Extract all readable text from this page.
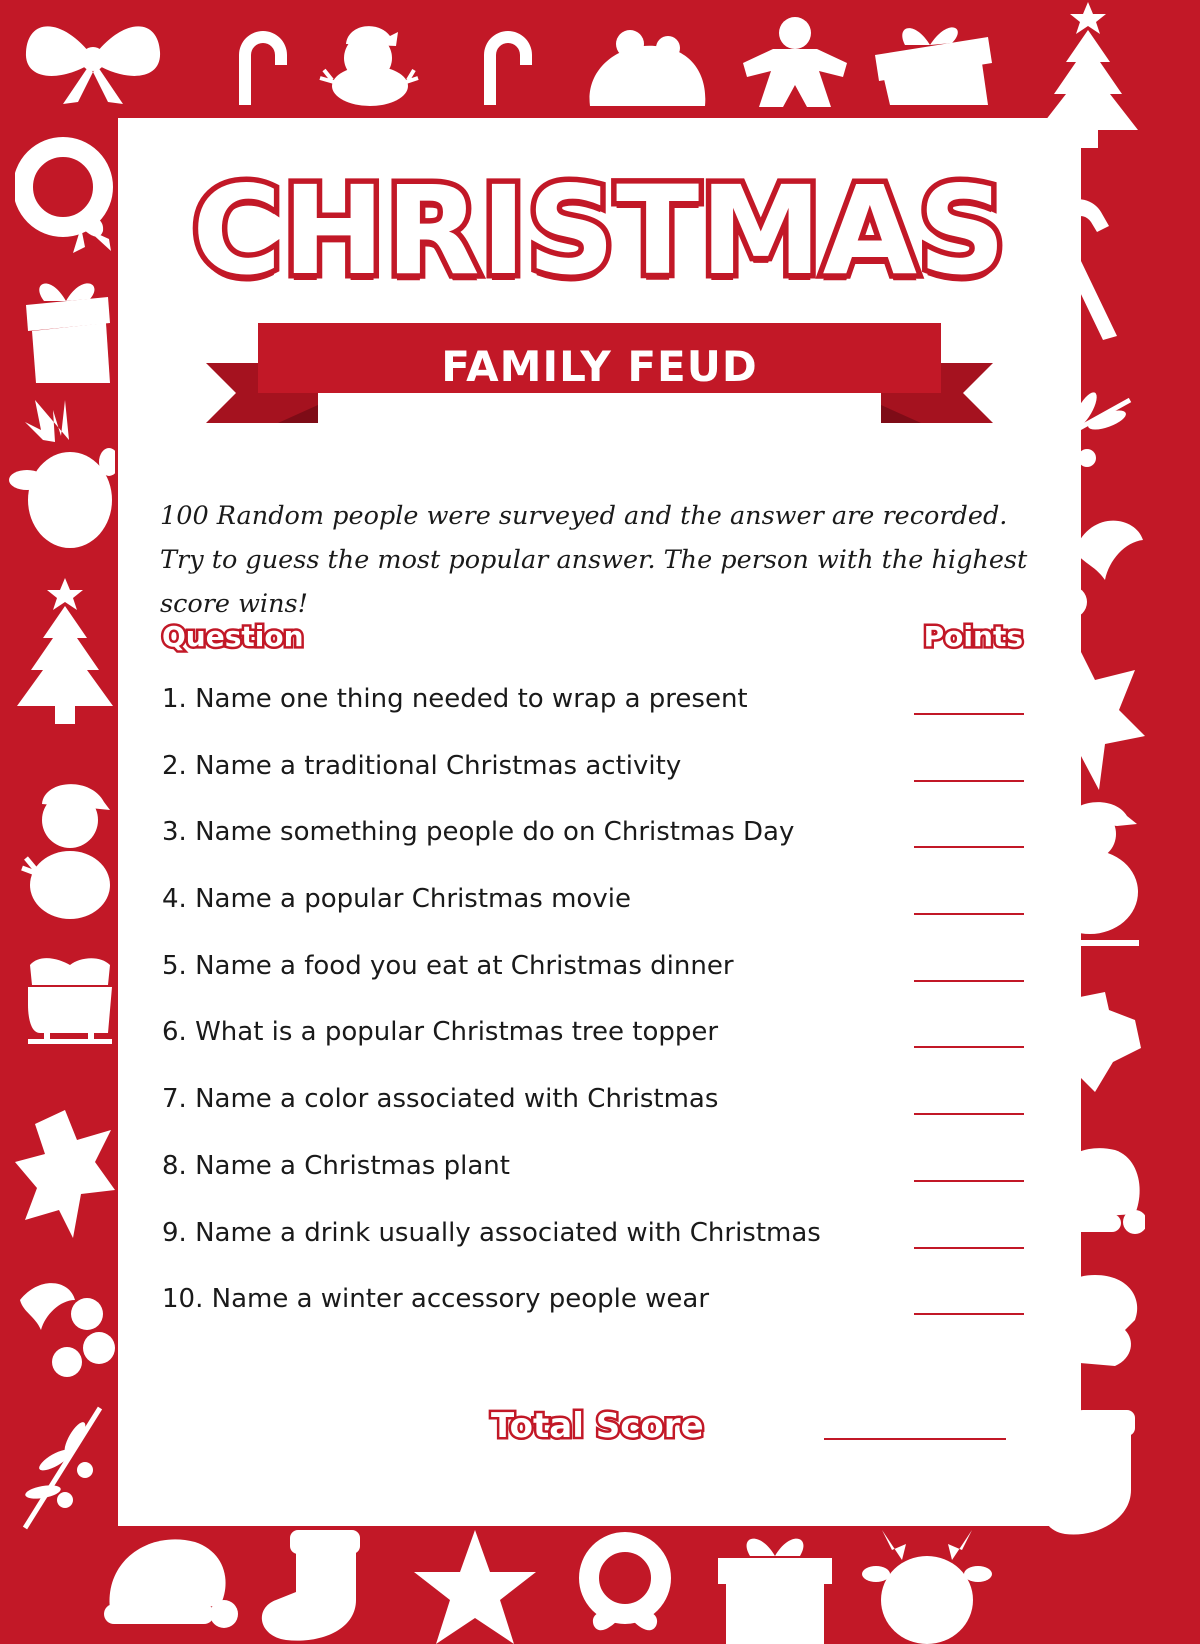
CHRISTMAS
FAMILY FEUD

100 Random people were surveyed and the answer are recorded. Try to guess the most popular answer. The person with the highest score wins!

Question	Points
1. Name one thing needed to wrap a present
2. Name a traditional Christmas activity
3. Name something people do on Christmas Day
4. Name a popular Christmas movie
5. Name a food you eat at Christmas dinner
6. What is a popular Christmas tree topper
7. Name a color associated with Christmas
8. Name a Christmas plant
9. Name a drink usually associated with Christmas
10. Name a winter accessory people wear
Total Score
